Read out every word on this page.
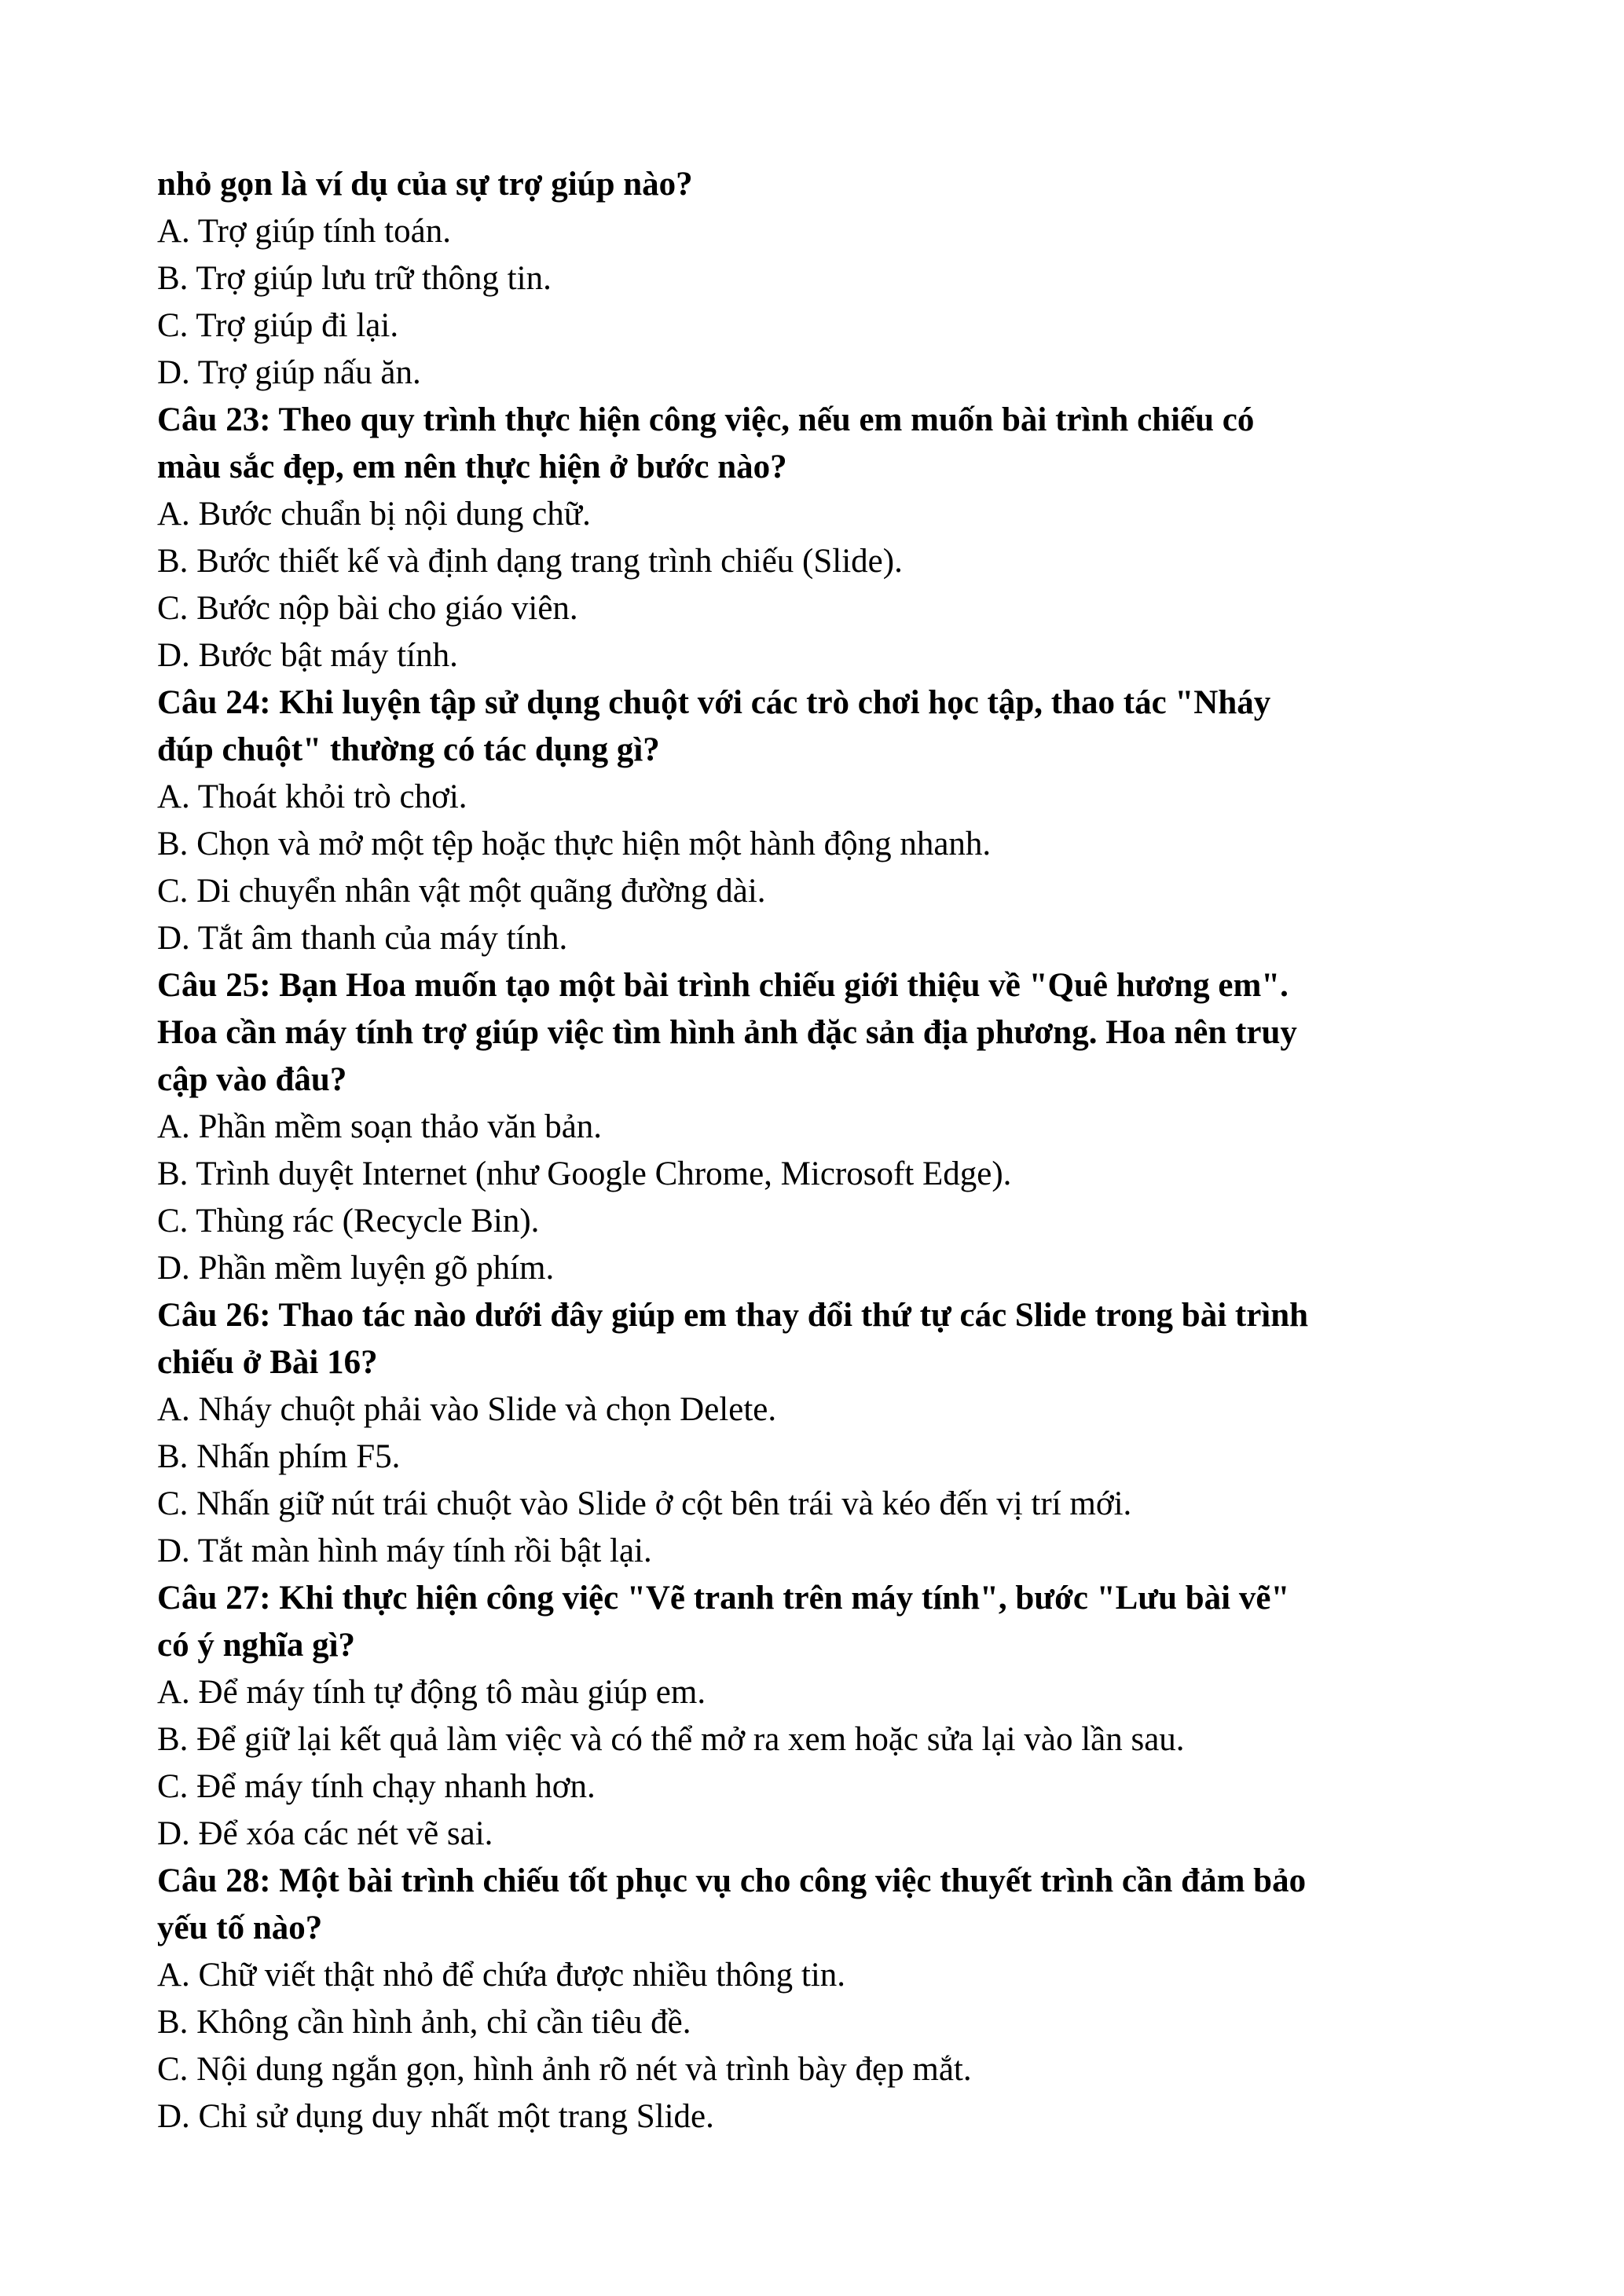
nhỏ gọn là ví dụ của sự trợ giúp nào?
A. Trợ giúp tính toán.
B. Trợ giúp lưu trữ thông tin.
C. Trợ giúp đi lại.
D. Trợ giúp nấu ăn.
Câu 23: Theo quy trình thực hiện công việc, nếu em muốn bài trình chiếu có
màu sắc đẹp, em nên thực hiện ở bước nào?
A. Bước chuẩn bị nội dung chữ.
B. Bước thiết kế và định dạng trang trình chiếu (Slide).
C. Bước nộp bài cho giáo viên.
D. Bước bật máy tính.
Câu 24: Khi luyện tập sử dụng chuột với các trò chơi học tập, thao tác "Nháy
đúp chuột" thường có tác dụng gì?
A. Thoát khỏi trò chơi.
B. Chọn và mở một tệp hoặc thực hiện một hành động nhanh.
C. Di chuyển nhân vật một quãng đường dài.
D. Tắt âm thanh của máy tính.
Câu 25: Bạn Hoa muốn tạo một bài trình chiếu giới thiệu về "Quê hương em".
Hoa cần máy tính trợ giúp việc tìm hình ảnh đặc sản địa phương. Hoa nên truy
cập vào đâu?
A. Phần mềm soạn thảo văn bản.
B. Trình duyệt Internet (như Google Chrome, Microsoft Edge).
C. Thùng rác (Recycle Bin).
D. Phần mềm luyện gõ phím.
Câu 26: Thao tác nào dưới đây giúp em thay đổi thứ tự các Slide trong bài trình
chiếu ở Bài 16?
A. Nháy chuột phải vào Slide và chọn Delete.
B. Nhấn phím F5.
C. Nhấn giữ nút trái chuột vào Slide ở cột bên trái và kéo đến vị trí mới.
D. Tắt màn hình máy tính rồi bật lại.
Câu 27: Khi thực hiện công việc "Vẽ tranh trên máy tính", bước "Lưu bài vẽ"
có ý nghĩa gì?
A. Để máy tính tự động tô màu giúp em.
B. Để giữ lại kết quả làm việc và có thể mở ra xem hoặc sửa lại vào lần sau.
C. Để máy tính chạy nhanh hơn.
D. Để xóa các nét vẽ sai.
Câu 28: Một bài trình chiếu tốt phục vụ cho công việc thuyết trình cần đảm bảo
yếu tố nào?
A. Chữ viết thật nhỏ để chứa được nhiều thông tin.
B. Không cần hình ảnh, chỉ cần tiêu đề.
C. Nội dung ngắn gọn, hình ảnh rõ nét và trình bày đẹp mắt.
D. Chỉ sử dụng duy nhất một trang Slide.
